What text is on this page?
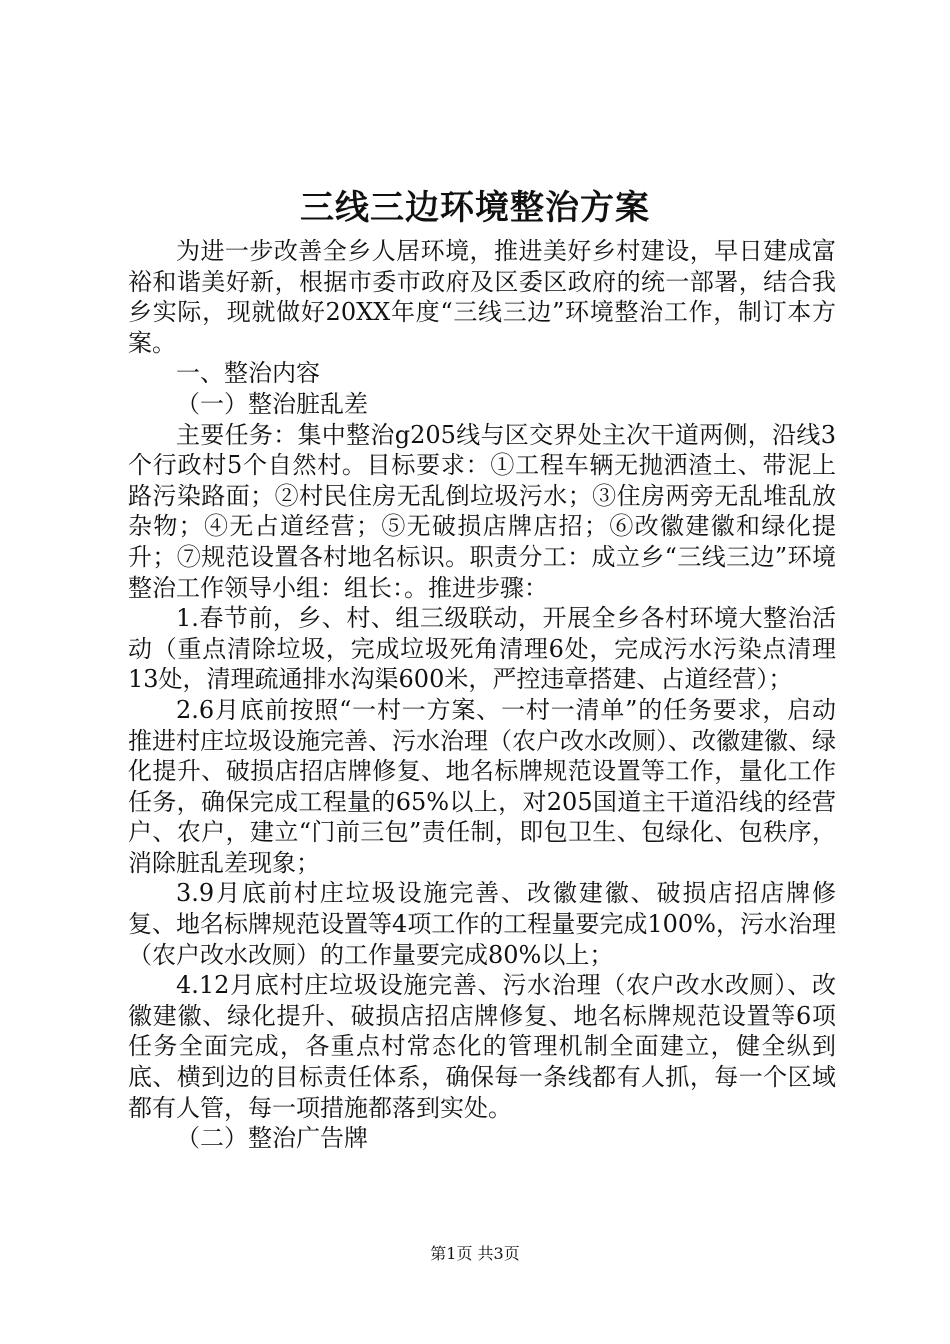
三线三边环境整治方案

为进一步改善全乡人居环境，推进美好乡村建设，早日建成富裕和谐美好新，根据市委市政府及区委区政府的统一部署，结合我乡实际，现就做好20XX年度“三线三边”环境整治工作，制订本方案。

一、整治内容

（一）整治脏乱差

主要任务：集中整治g205线与区交界处主次干道两侧，沿线3个行政村5个自然村。目标要求：①工程车辆无抛洒渣土、带泥上路污染路面；②村民住房无乱倒垃圾污水；③住房两旁无乱堆乱放杂物；④无占道经营；⑤无破损店牌店招；⑥改徽建徽和绿化提升；⑦规范设置各村地名标识。职责分工：成立乡“三线三边”环境整治工作领导小组：组长：。推进步骤：

1.春节前，乡、村、组三级联动，开展全乡各村环境大整治活动（重点清除垃圾，完成垃圾死角清理6处，完成污水污染点清理13处，清理疏通排水沟渠600米，严控违章搭建、占道经营）；

2.6月底前按照“一村一方案、一村一清单”的任务要求，启动推进村庄垃圾设施完善、污水治理（农户改水改厕）、改徽建徽、绿化提升、破损店招店牌修复、地名标牌规范设置等工作，量化工作任务，确保完成工程量的65%以上，对205国道主干道沿线的经营户、农户，建立“门前三包”责任制，即包卫生、包绿化、包秩序，消除脏乱差现象；

3.9月底前村庄垃圾设施完善、改徽建徽、破损店招店牌修复、地名标牌规范设置等4项工作的工程量要完成100%，污水治理（农户改水改厕）的工作量要完成80%以上；

4.12月底村庄垃圾设施完善、污水治理（农户改水改厕）、改徽建徽、绿化提升、破损店招店牌修复、地名标牌规范设置等6项任务全面完成，各重点村常态化的管理机制全面建立，健全纵到底、横到边的目标责任体系，确保每一条线都有人抓，每一个区域都有人管，每一项措施都落到实处。

（二）整治广告牌

第1页 共3页
